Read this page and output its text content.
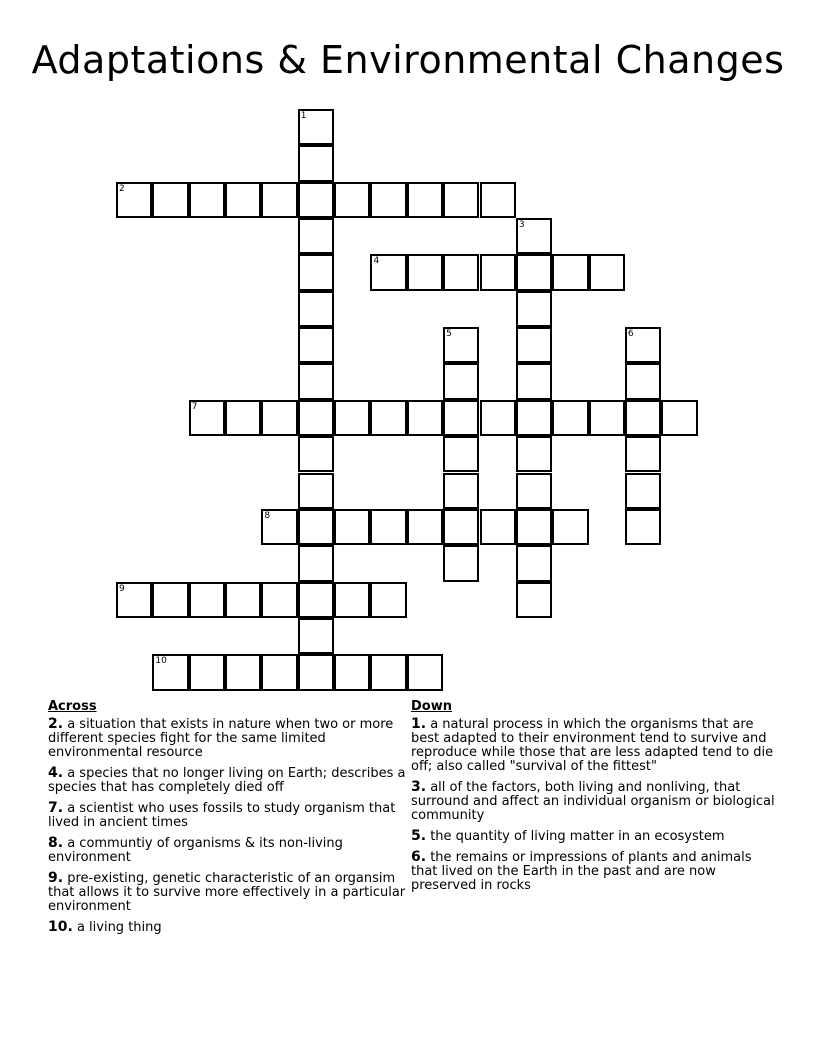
Adaptations & Environmental Changes
1
2
3
4
5	6
7
8
9
10
Across
2. a situation that exists in nature when two or more different species fight for the same limited environmental resource
4. a species that no longer living on Earth; describes a species that has completely died off
7. a scientist who uses fossils to study organism that lived in ancient times
8. a communtiy of organisms & its non-living environment
9. pre-existing, genetic characteristic of an organsim that allows it to survive more effectively in a particular environment
10. a living thing
Down
1. a natural process in which the organisms that are best adapted to their environment tend to survive and reproduce while those that are less adapted tend to die off; also called "survival of the fittest"
3. all of the factors, both living and nonliving, that surround and affect an individual organism or biological community
5. the quantity of living matter in an ecosystem
6. the remains or impressions of plants and animals that lived on the Earth in the past and are now preserved in rocks
